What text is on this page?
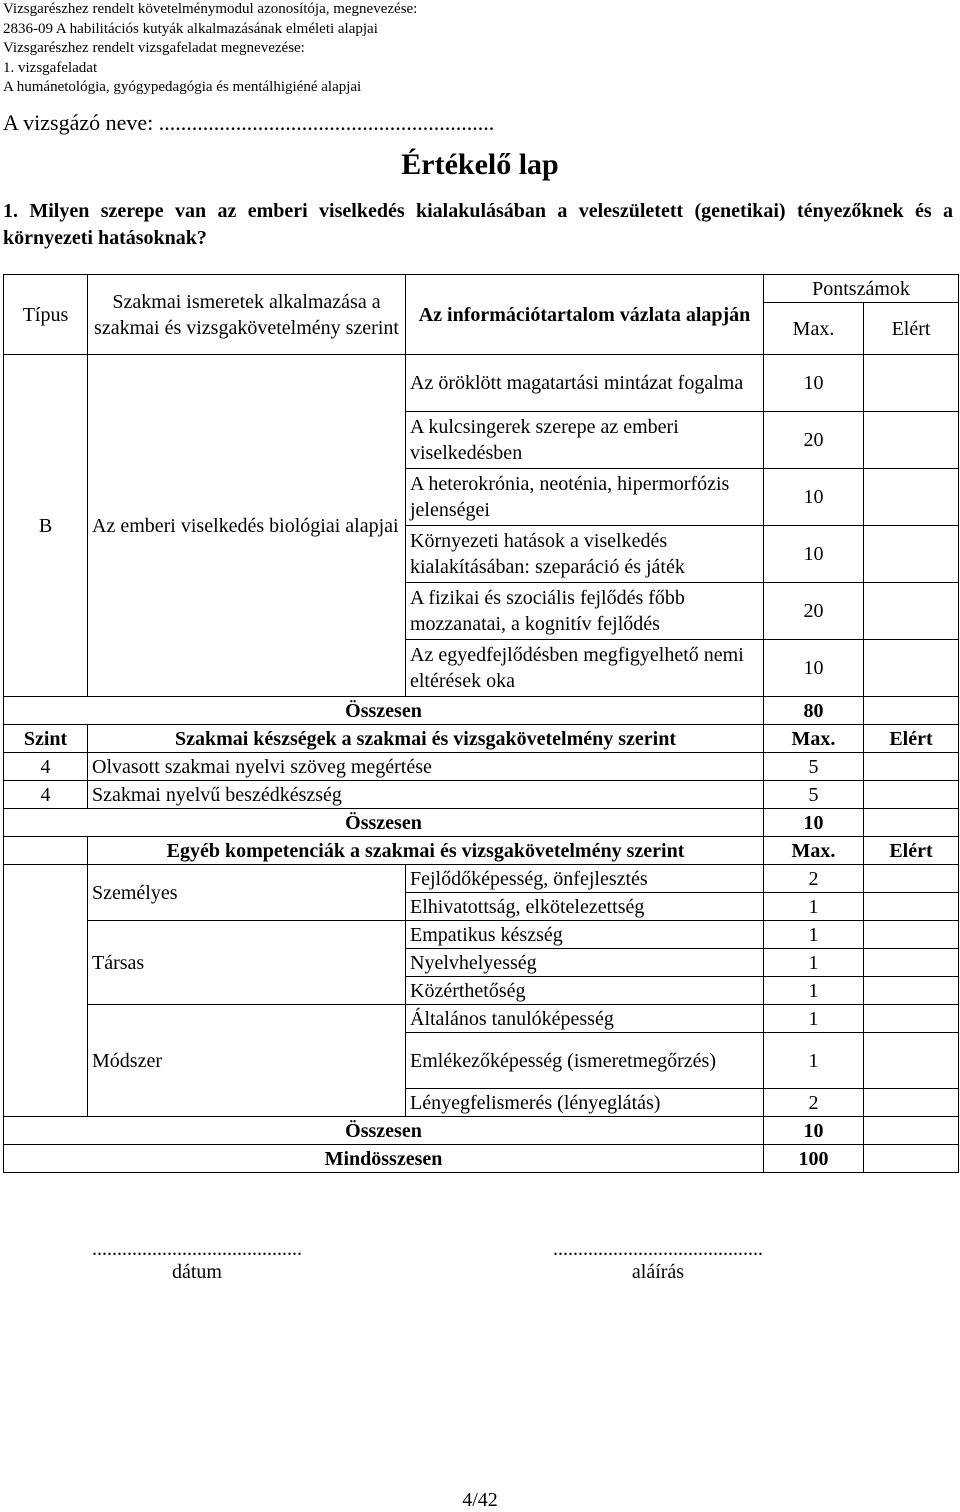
Vizsgarészhez rendelt követelménymodul azonosítója, megnevezése:
2836-09 A habilitációs kutyák alkalmazásának elméleti alapjai
Vizsgarészhez rendelt vizsgafeladat megnevezése:
1. vizsgafeladat
A humánetológia, gyógypedagógia és mentálhigiéné alapjai
A vizsgázó neve: .............................................................
Értékelő lap
1. Milyen szerepe van az emberi viselkedés kialakulásában a veleszületett (genetikai) tényezőknek és a környezeti hatásoknak?
Típus	Szakmai ismeretek alkalmazása a szakmai és vizsgakövetelmény szerint	Az információtartalom vázlata alapján	Pontszámok	
			Max.	Elért
B	Az emberi viselkedés biológiai alapjai	Az öröklött magatartási mintázat fogalma	10	
		A kulcsingerek szerepe az emberi viselkedésben	20	
		A heterokrónia, neoténia, hipermorfózis jelenségei	10	
		Környezeti hatások a viselkedés kialakításában: szeparáció és játék	10	
		A fizikai és szociális fejlődés főbb mozzanatai, a kognitív fejlődés	20	
		Az egyedfejlődésben megfigyelhető nemi eltérések oka	10	
Összesen			80	
Szint	Szakmai készségek a szakmai és vizsgakövetelmény szerint		Max.	Elért
4	Olvasott szakmai nyelvi szöveg megértése		5	
4	Szakmai nyelvű beszédkészség		5	
Összesen			10	
	Egyéb kompetenciák a szakmai és vizsgakövetelmény szerint		Max.	Elért
	Személyes	Fejlődőképesség, önfejlesztés	2	
		Elhivatottság, elkötelezettség	1	
	Társas	Empatikus készség	1	
		Nyelvhelyesség	1	
		Közérthetőség	1	
	Módszer	Általános tanulóképesség	1	
		Emlékezőképesség (ismeretmegőrzés)	1	
		Lényegfelismerés (lényeglátás)	2	
Összesen			10	
Mindösszesen			100	
..........................................
dátum
..........................................
aláírás
4/42
